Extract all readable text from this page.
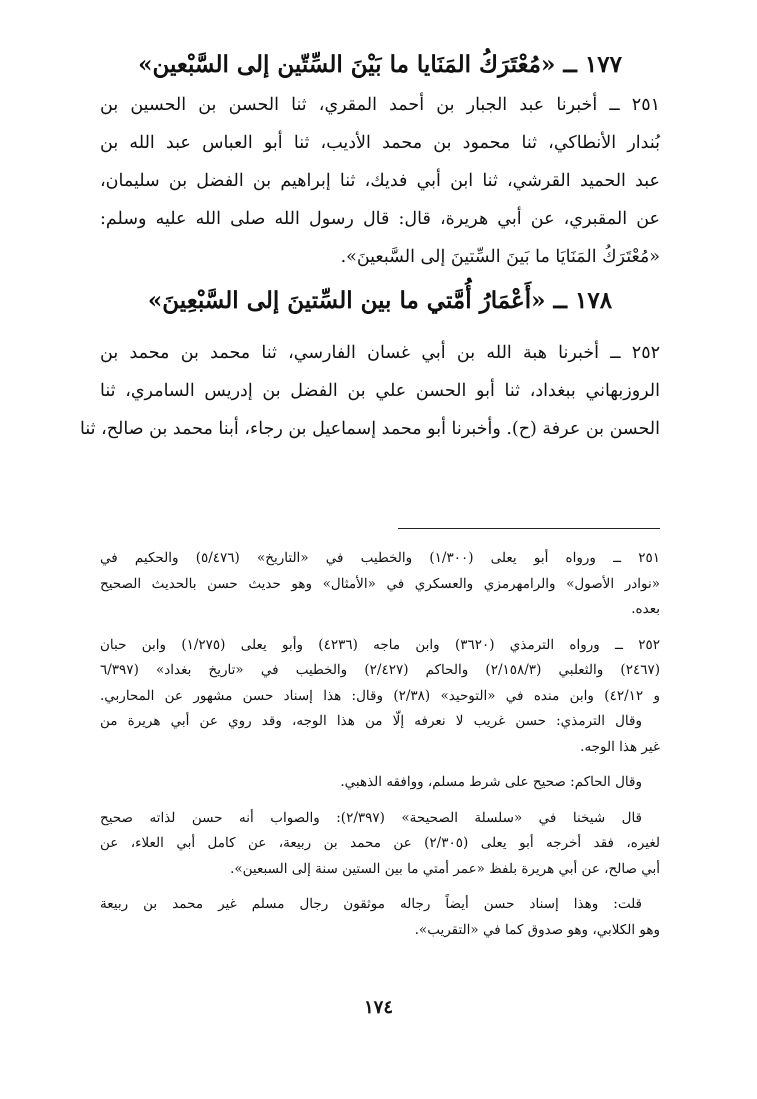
١٧٧ ــ «مُعْتَرَكُ المَنَايا ما بَيْنَ السِّتّين إلى السَّبْعين»

٢٥١ ــ أخبرنا عبد الجبار بن أحمد المقري، ثنا الحسن بن الحسين بن
بُندار الأنطاكي، ثنا محمود بن محمد الأديب، ثنا أبو العباس عبد الله بن
عبد الحميد القرشي، ثنا ابن أبي فديك، ثنا إبراهيم بن الفضل بن سليمان،
عن المقبري، عن أبي هريرة، قال: قال رسول الله صلى الله عليه وسلم:
«مُعْتَرَكُ المَنَايَا ما بَينَ السِّتينَ إلى السَّبعينَ».

١٧٨ ــ «أَعْمَارُ أُمَّتي ما بين السِّتينَ إلى السَّبْعِينَ»

٢٥٢ ــ أخبرنا هبة الله بن أبي غسان الفارسي، ثنا محمد بن محمد بن
الروزبهاني ببغداد، ثنا أبو الحسن علي بن الفضل بن إدريس السامري، ثنا
الحسن بن عرفة (ح). وأخبرنا أبو محمد إسماعيل بن رجاء، أبنا محمد بن صالح، ثنا

٢٥١ ــ ورواه أبو يعلى (١/٣٠٠) والخطيب في «التاريخ» (٥/٤٧٦) والحكيم في
«نوادر الأصول» والرامهرمزي والعسكري في «الأمثال» وهو حديث حسن بالحديث الصحيح
بعده.

٢٥٢ ــ ورواه الترمذي (٣٦٢٠) وابن ماجه (٤٢٣٦) وأبو يعلى (١/٢٧٥) وابن حبان
(٢٤٦٧) والثعلبي (٢/١٥٨/٣) والحاكم (٢/٤٢٧) والخطيب في «تاريخ بغداد» (٦/٣٩٧
و ٤٢/١٢) وابن منده في «التوحيد» (٢/٣٨) وقال: هذا إسناد حسن مشهور عن المحاربي.
وقال الترمذي: حسن غريب لا نعرفه إلّا من هذا الوجه، وقد روي عن أبي هريرة من
غير هذا الوجه.

وقال الحاكم: صحيح على شرط مسلم، ووافقه الذهبي.

قال شيخنا في «سلسلة الصحيحة» (٢/٣٩٧): والصواب أنه حسن لذاته صحيح
لغيره، فقد أخرجه أبو يعلى (٢/٣٠٥) عن محمد بن ربيعة، عن كامل أبي العلاء، عن
أبي صالح، عن أبي هريرة بلفظ «عمر أمتي ما بين الستين سنة إلى السبعين».

قلت: وهذا إسناد حسن أيضاً رجاله موثقون رجال مسلم غير محمد بن ربيعة
وهو الكلابي، وهو صدوق كما في «التقريب».

١٧٤
